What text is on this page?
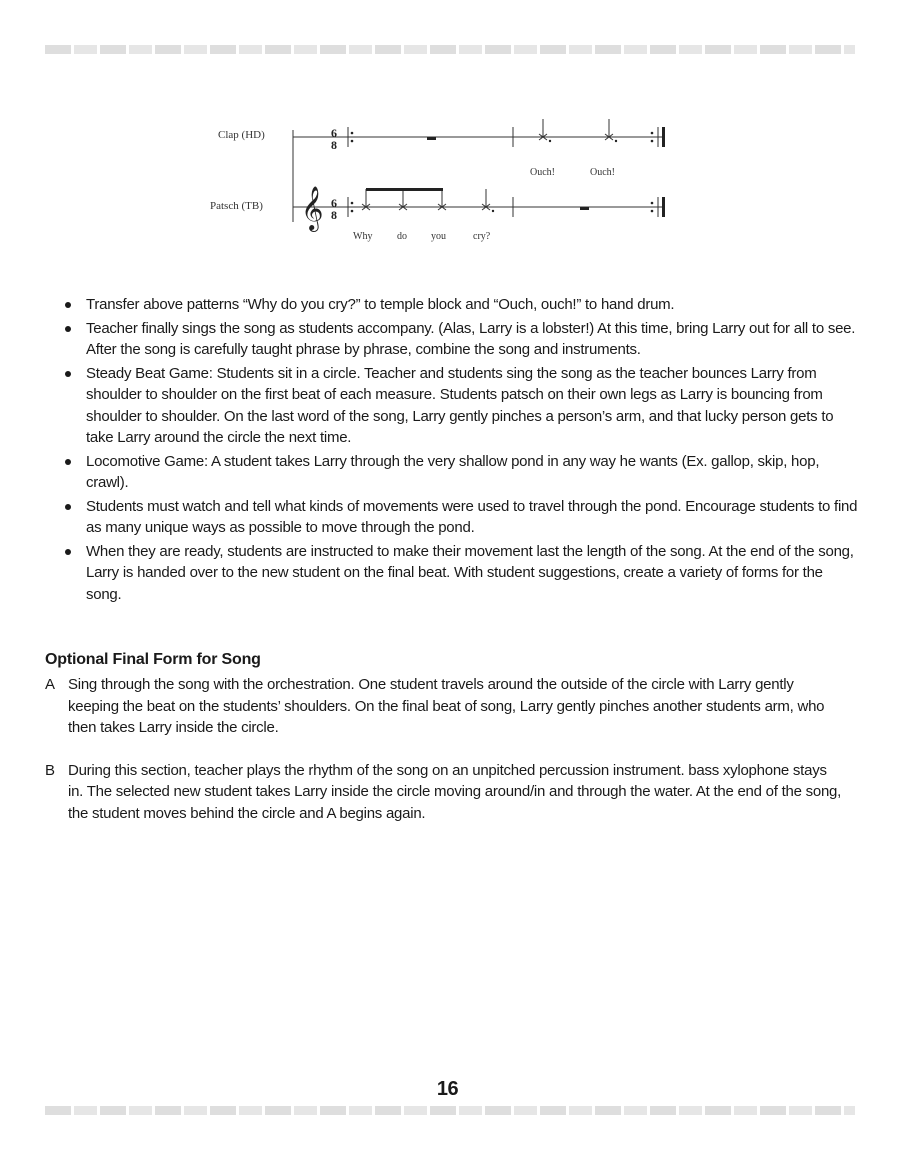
𝄞
6
8
6
8
Clap (HD)
Patsch (TB)
Ouch!	Ouch!
Why do you	cry?
Transfer above patterns “Why do you cry?” to temple block and “Ouch, ouch!” to hand drum.
Teacher finally sings the song as students accompany. (Alas, Larry is a lobster!) At this time, bring Larry out for all to see. After the song is carefully taught phrase by phrase, combine the song and instruments.
Steady Beat Game: Students sit in a circle. Teacher and students sing the song as the teacher bounces Larry from shoulder to shoulder on the first beat of each measure. Students patsch on their own legs as Larry is bouncing from shoulder to shoulder. On the last word of the song, Larry gently pinches a person’s arm, and that lucky person gets to take Larry around the circle the next time.
Locomotive Game: A student takes Larry through the very shallow pond in any way he wants (Ex. gallop, skip, hop, crawl).
Students must watch and tell what kinds of movements were used to travel through the pond. Encourage students to find as many unique ways as possible to move through the pond.
When they are ready, students are instructed to make their movement last the length of the song. At the end of the song, Larry is handed over to the new student on the final beat. With student suggestions, create a variety of forms for the song.
Optional Final Form for Song
A Sing through the song with the orchestration. One student travels around the outside of the circle with Larry gently keeping the beat on the students’ shoulders. On the final beat of song, Larry gently pinches another students arm, who then takes Larry inside the circle.
B During this section, teacher plays the rhythm of the song on an unpitched percussion instrument. bass xylophone stays in. The selected new student takes Larry inside the circle moving around/in and through the water. At the end of the song, the student moves behind the circle and A begins again.
16
